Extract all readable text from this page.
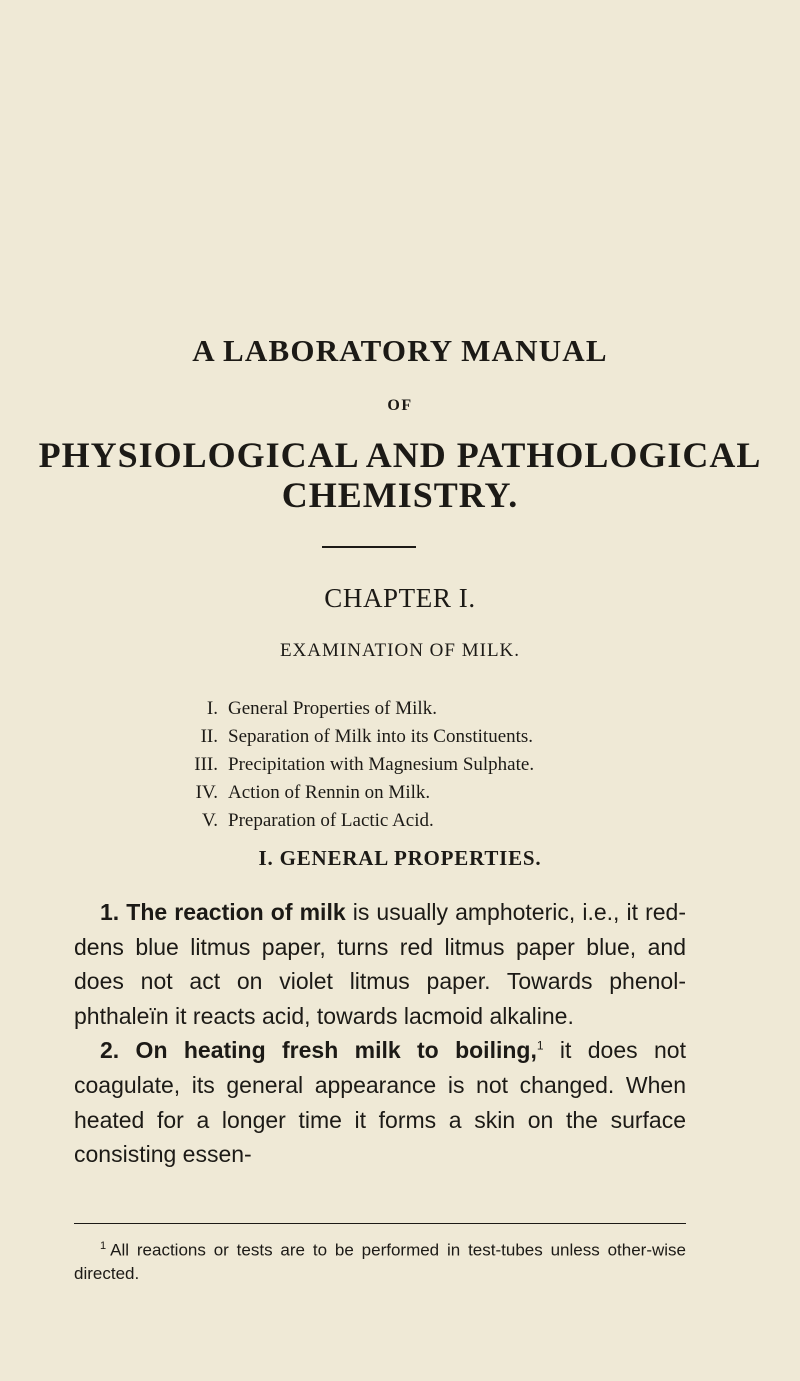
A LABORATORY MANUAL
OF
PHYSIOLOGICAL AND PATHOLOGICAL
CHEMISTRY.
CHAPTER I.
EXAMINATION OF MILK.
I. General Properties of Milk.
II. Separation of Milk into its Constituents.
III. Precipitation with Magnesium Sulphate.
IV. Action of Rennin on Milk.
V. Preparation of Lactic Acid.
I. GENERAL PROPERTIES.

1. The reaction of milk is usually amphoteric, i.e., it red-dens blue litmus paper, turns red litmus paper blue, and does not act on violet litmus paper. Towards phenol-phthaleïn it reacts acid, towards lacmoid alkaline.

2. On heating fresh milk to boiling,$^1$ it does not coagulate, its general appearance is not changed. When heated for a longer time it forms a skin on the surface consisting essen-

$^1$ All reactions or tests are to be performed in test-tubes unless other-wise directed.
